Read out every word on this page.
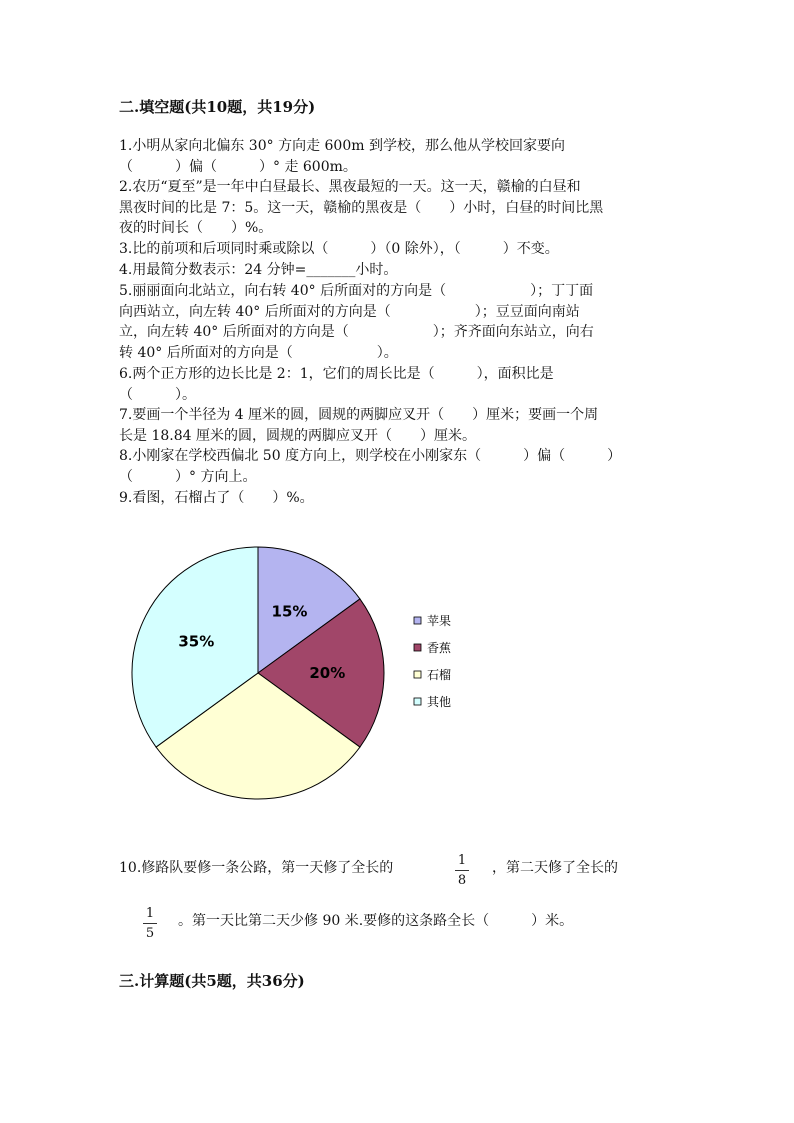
二.填空题(共10题，共19分)
1.小明从家向北偏东 30° 方向走 600m 到学校，那么他从学校回家要向
（　　　）偏（　　　）° 走 600m。
2.农历“夏至”是一年中白昼最长、黑夜最短的一天。这一天，赣榆的白昼和
黑夜时间的比是 7：5。这一天，赣榆的黑夜是（　　）小时，白昼的时间比黑
夜的时间长（　　）%。
3.比的前项和后项同时乘或除以（　　　）（0 除外），（　　　）不变。
4.用最简分数表示：24 分钟=_______小时。
5.丽丽面向北站立，向右转 40° 后所面对的方向是（　　　　　　）；丁丁面
向西站立，向左转 40° 后所面对的方向是（　　　　　　）；豆豆面向南站
立，向左转 40° 后所面对的方向是（　　　　　　）；齐齐面向东站立，向右
转 40° 后所面对的方向是（　　　　　　）。
6.两个正方形的边长比是 2：1，它们的周长比是（　　　），面积比是
（　　　）。
7.要画一个半径为 4 厘米的圆，圆规的两脚应叉开（　　）厘米；要画一个周
长是 18.84 厘米的圆，圆规的两脚应叉开（　　）厘米。
8.小刚家在学校西偏北 50 度方向上，则学校在小刚家东（　　　）偏（　　　）
（　　　）° 方向上。
9.看图，石榴占了（　　）%。
15%
20%
35%
苹果
香蕉
石榴
其他
10.修路队要修一条公路，第一天修了全长的	1
8
，第二天修了全长的
1
5
。第一天比第二天少修 90 米.要修的这条路全长（　　　）米。
三.计算题(共5题，共36分)
